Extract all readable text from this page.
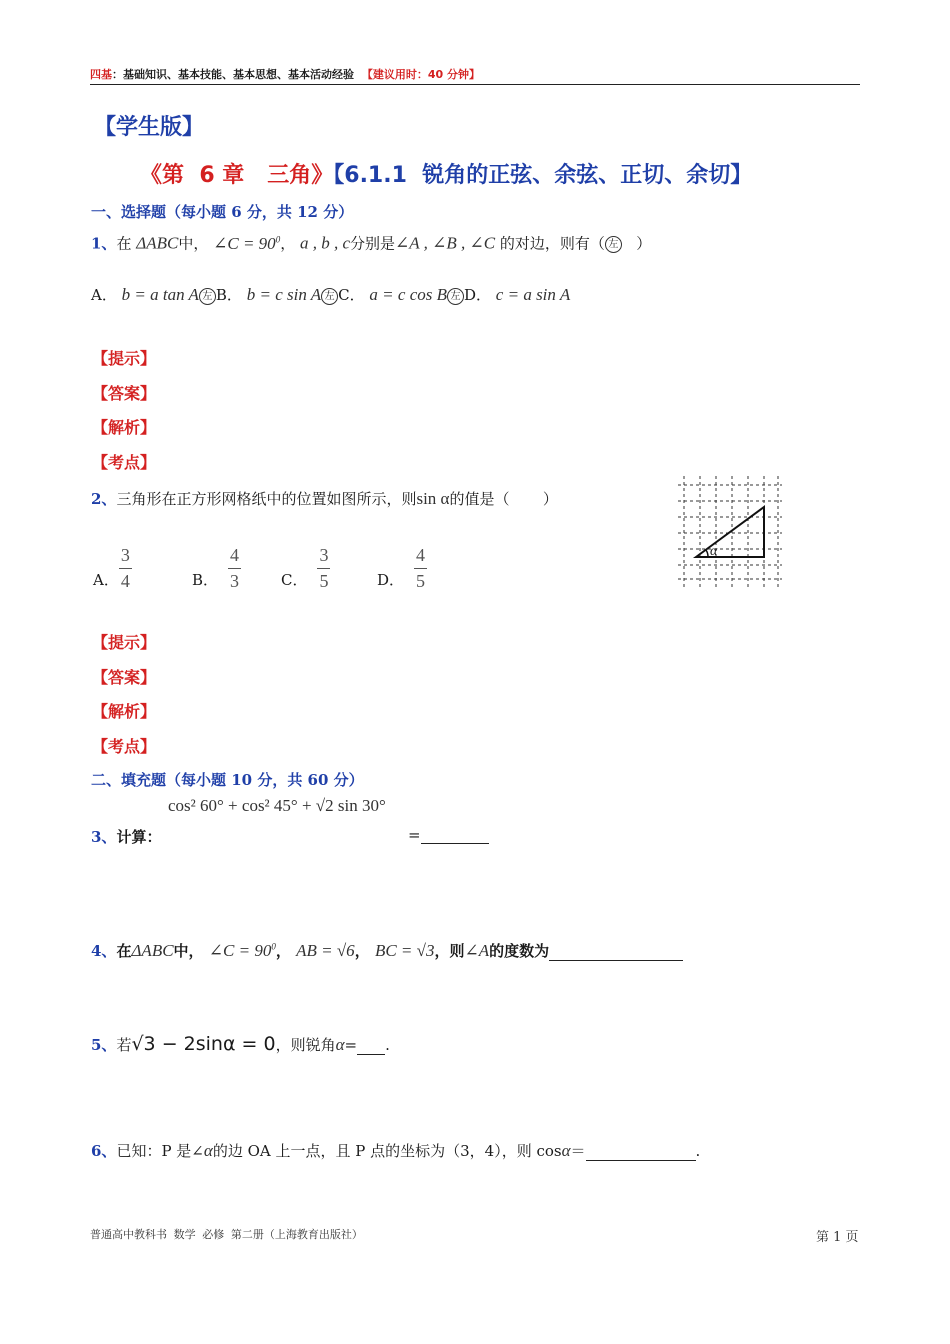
四基：基础知识、基本技能、基本思想、基本活动经验 【建议用时：40 分钟】
【学生版】
《第  6 章   三角》【6.1.1  锐角的正弦、余弦、正切、余切】
一、选择题（每小题 6 分，共 12 分）
1、在 ΔABC中， ∠C = $90^0$， a , b , c分别是∠A , ∠B , ∠C 的对边，则有（ 左   ）
A． b = a tan A 左 B． b = c sin A 左 C． a = c cos B 左 D． c = a sin A
【提示】
【答案】
【解析】
【考点】
2、三角形在正方形网格纸中的位置如图所示，则sin α的值是（       ）
α
A． $\frac{3}{4}$	B． $\frac{4}{3}$	C． $\frac{3}{5}$	D． $\frac{4}{5}$
【提示】
【答案】
【解析】
【考点】
二、填充题（每小题 10 分，共 60 分）
cos² 60° + cos² 45° + √2 sin 30°
3、计算：	=
4、在ΔABC中， ∠C = $90^0$， AB = √6， BC = √3，则∠A的度数为
5、若√3 − 2sinα = 0，则锐角α= .
6、已知：P 是∠α的边 OA 上一点，且 P 点的坐标为（3，4），则 cosα＝	.
普通高中教科书 数学 必修 第二册（上海教育出版社）	第 1 页
